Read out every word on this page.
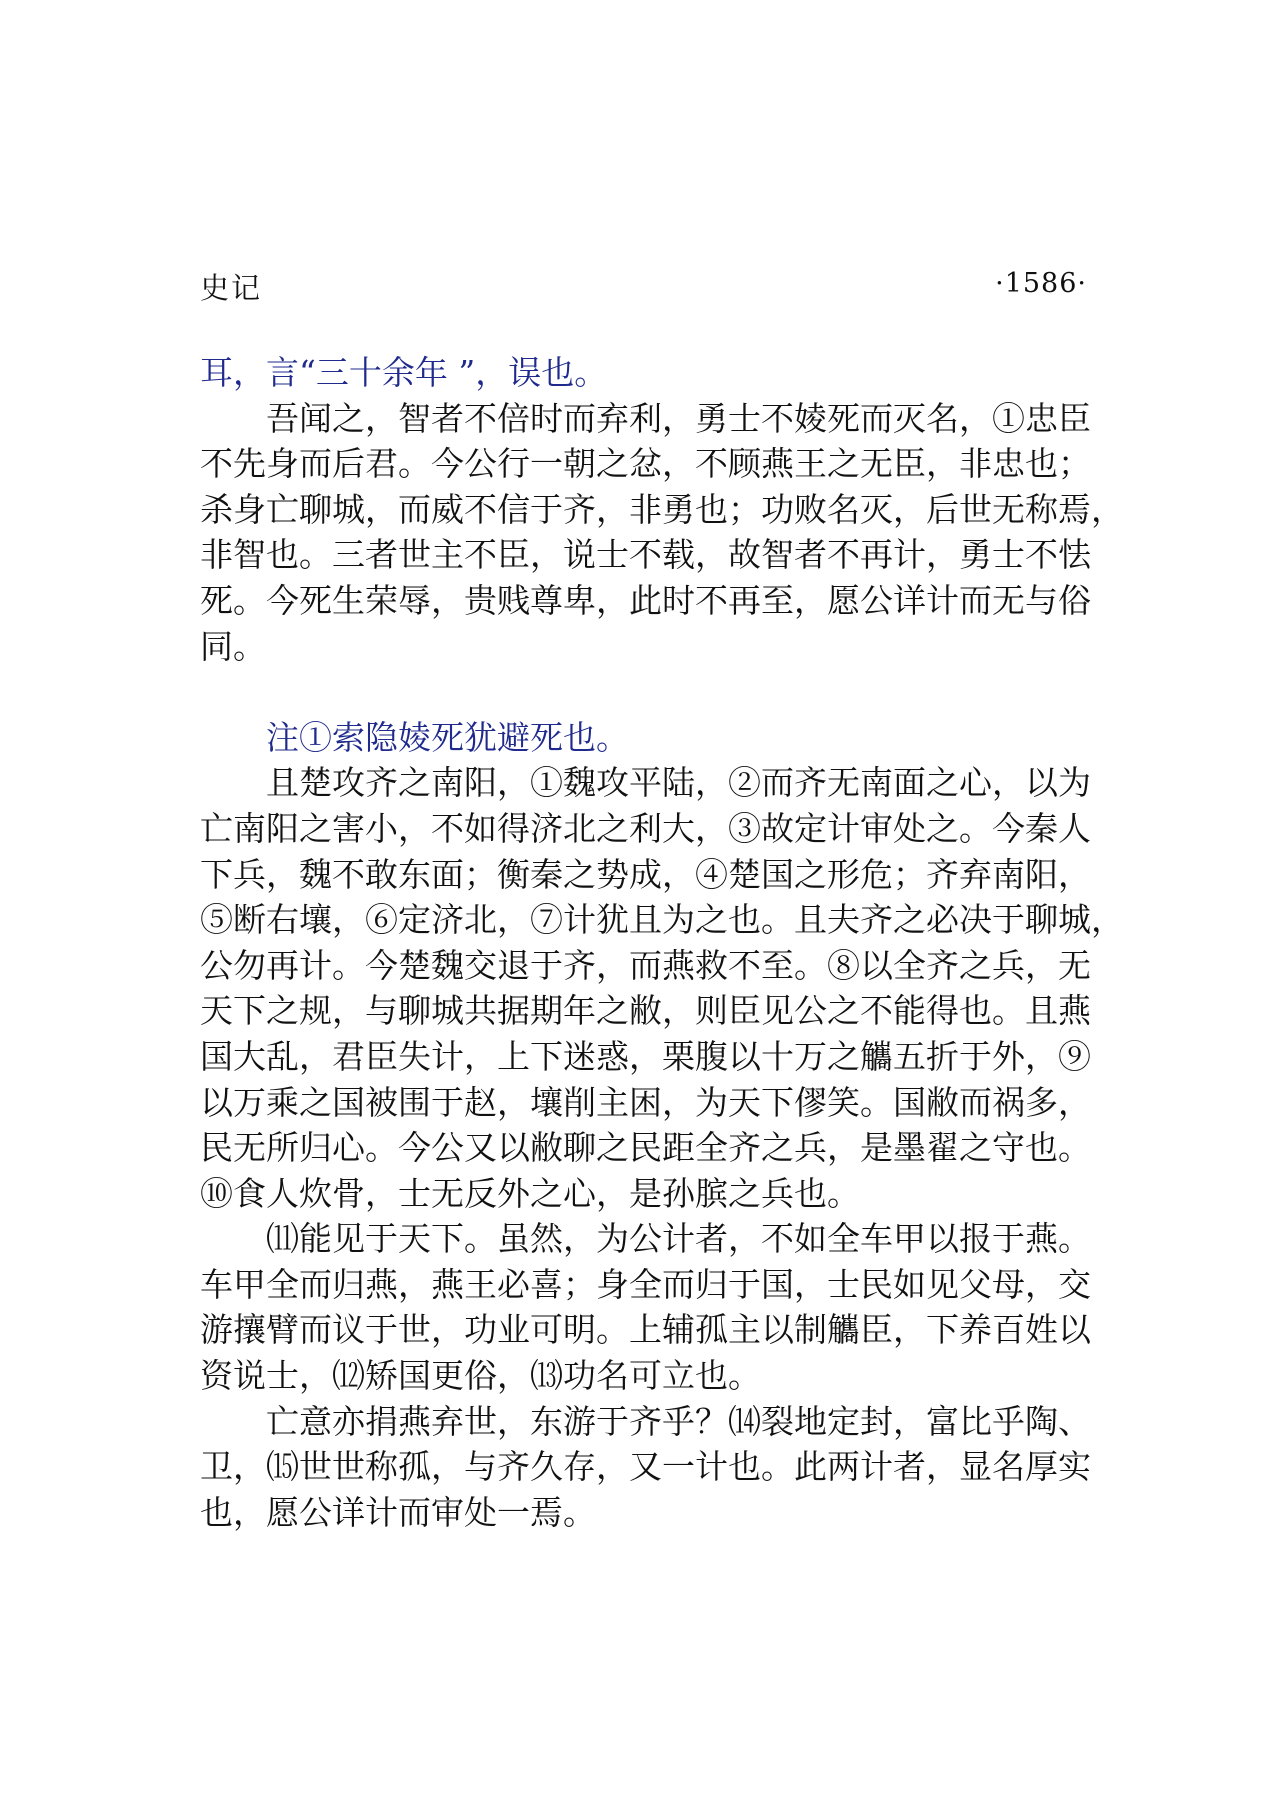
史记	·1586·
耳，言“三十余年 ”，误也。
　　吾闻之，智者不倍时而弃利，勇士不婈死而灭名，①忠臣
不先身而后君。今公行一朝之忿，不顾燕王之无臣，非忠也；
杀身亡聊城，而威不信于齐，非勇也；功败名灭，后世无称焉，
非智也。三者世主不臣，说士不载，故智者不再计，勇士不怯
死。今死生荣辱，贵贱尊卑，此时不再至，愿公详计而无与俗
同。
　　注①索隐婈死犹避死也。
　　且楚攻齐之南阳，①魏攻平陆，②而齐无南面之心，以为
亡南阳之害小，不如得济北之利大，③故定计审处之。今秦人
下兵，魏不敢东面；衡秦之势成，④楚国之形危；齐弃南阳，
⑤断右壤，⑥定济北，⑦计犹且为之也。且夫齐之必决于聊城，
公勿再计。今楚魏交退于齐，而燕救不至。⑧以全齐之兵，无
天下之规，与聊城共据期年之敝，则臣见公之不能得也。且燕
国大乱，君臣失计，上下迷惑，栗腹以十万之觿五折于外，⑨
以万乘之国被围于赵，壤削主困，为天下僇笑。国敝而祸多，
民无所归心。今公又以敝聊之民距全齐之兵，是墨翟之守也。
⑩食人炊骨，士无反外之心，是孙膑之兵也。
　　⑾能见于天下。虽然，为公计者，不如全车甲以报于燕。
车甲全而归燕，燕王必喜；身全而归于国，士民如见父母，交
游攘臂而议于世，功业可明。上辅孤主以制觿臣，下养百姓以
资说士，⑿矫国更俗，⒀功名可立也。
　　亡意亦捐燕弃世，东游于齐乎？⒁裂地定封，富比乎陶、
卫，⒂世世称孤，与齐久存，又一计也。此两计者，显名厚实
也，愿公详计而审处一焉。
